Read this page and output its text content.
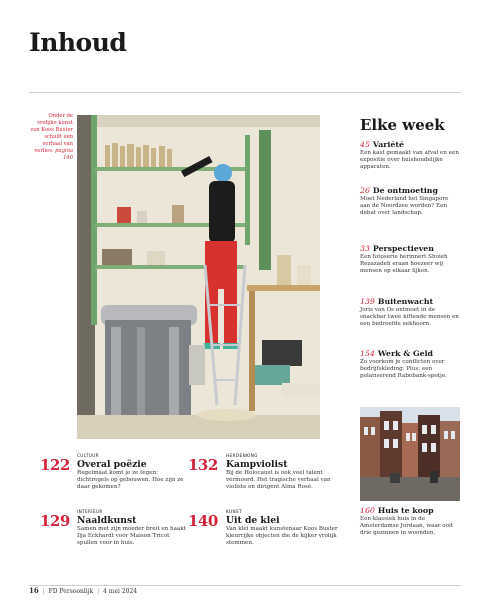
Inhoud
Onder de vrolijke kunst van Koos Buster schuilt een verhaal van verlies. pagina 140
Elke week
45 Variété
Een kast gemaakt van afval en een expositie over huishoudelijke apparaten.
26 De ontmoeting
Moet Nederland het Singapore aan de Noordzee worden? Een debat over landschap.
33 Perspectieven
Een fotoserie herinnert Shoieh Rezazadeh eraan hoezeer wij mensen op elkaar lijken.
139 Buitenwacht
Joris van Os ontmoet in de snackbar twee kiftende mensen en een bedroefde eekhoorn.
154 Werk & Geld
Zo voorkom je conflicten over bedrijfskleding. Plus: een polariserend Rabobank-spotje.
160 Huis te koop
Een klassiek huis in de Amsterdamse Jordaan, waar ooit drie gezinnen in woonden.
122 CULTUUR
Overal poëzie
Regelmaat komt je ze tegen: dichtregels op gebouwen. Hoe zijn ze daar gekomen?
132 HERDENKING
Kampviolist
Bij de Holocaust is ook veel talent vermoord. Het tragische verhaal van violiste en dirigent Alma Rosé.
129 INTERIEUR
Naaldkunst
Samen met zijn moeder breit en haakt Ilja Eckhardt voor Maison Tricot spullen voor in huis.
140 KUNST
Uit de klei
Van klei maakt kunstenaar Koos Buster kleurrijke objecten die de kijker vrolijk stemmen.
16 | FD Persoonlijk | 4 mei 2024
